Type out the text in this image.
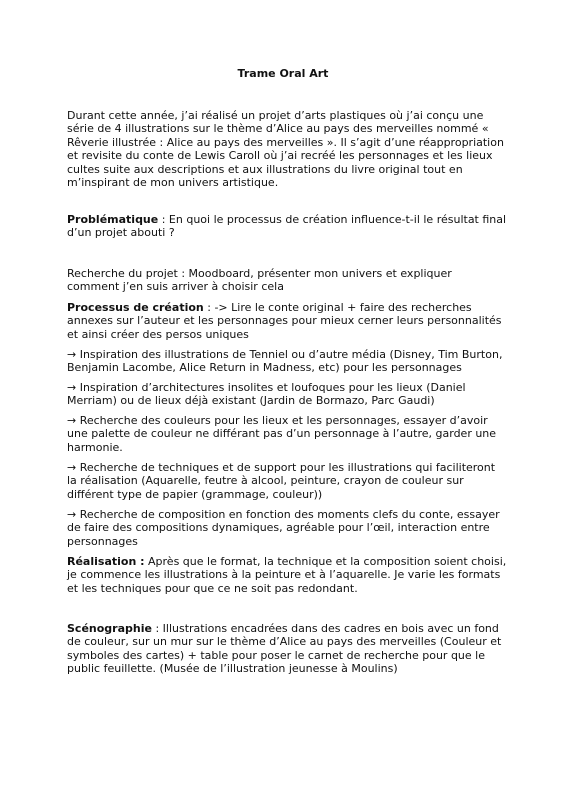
Trame Oral Art

Durant cette année, j’ai réalisé un projet d’arts plastiques où j’ai conçu une série de 4 illustrations sur le thème d’Alice au pays des merveilles nommé « Rêverie illustrée : Alice au pays des merveilles ». Il s’agit d’une réappropriation et revisite du conte de Lewis Caroll où j’ai recréé les personnages et les lieux cultes suite aux descriptions et aux illustrations du livre original tout en m’inspirant de mon univers artistique.

Problématique : En quoi le processus de création influence-t-il le résultat final d’un projet abouti ?

Recherche du projet : Moodboard, présenter mon univers et expliquer comment j’en suis arriver à choisir cela

Processus de création : -> Lire le conte original + faire des recherches annexes sur l’auteur et les personnages pour mieux cerner leurs personnalités et ainsi créer des persos uniques

→ Inspiration des illustrations de Tenniel ou d’autre média (Disney, Tim Burton, Benjamin Lacombe, Alice Return in Madness, etc) pour les personnages

→ Inspiration d’architectures insolites et loufoques pour les lieux (Daniel Merriam) ou de lieux déjà existant (Jardin de Bormazo, Parc Gaudi)

→ Recherche des couleurs pour les lieux et les personnages, essayer d’avoir une palette de couleur ne différant pas d’un personnage à l’autre, garder une harmonie.

→ Recherche de techniques et de support pour les illustrations qui faciliteront la réalisation (Aquarelle, feutre à alcool, peinture, crayon de couleur sur différent type de papier (grammage, couleur))

→ Recherche de composition en fonction des moments clefs du conte, essayer de faire des compositions dynamiques, agréable pour l’œil, interaction entre personnages

Réalisation : Après que le format, la technique et la composition soient choisi, je commence les illustrations à la peinture et à l’aquarelle. Je varie les formats et les techniques pour que ce ne soit pas redondant.

Scénographie : Illustrations encadrées dans des cadres en bois avec un fond de couleur, sur un mur sur le thème d’Alice au pays des merveilles (Couleur et symboles des cartes) + table pour poser le carnet de recherche pour que le public feuillette. (Musée de l’illustration jeunesse à Moulins)
